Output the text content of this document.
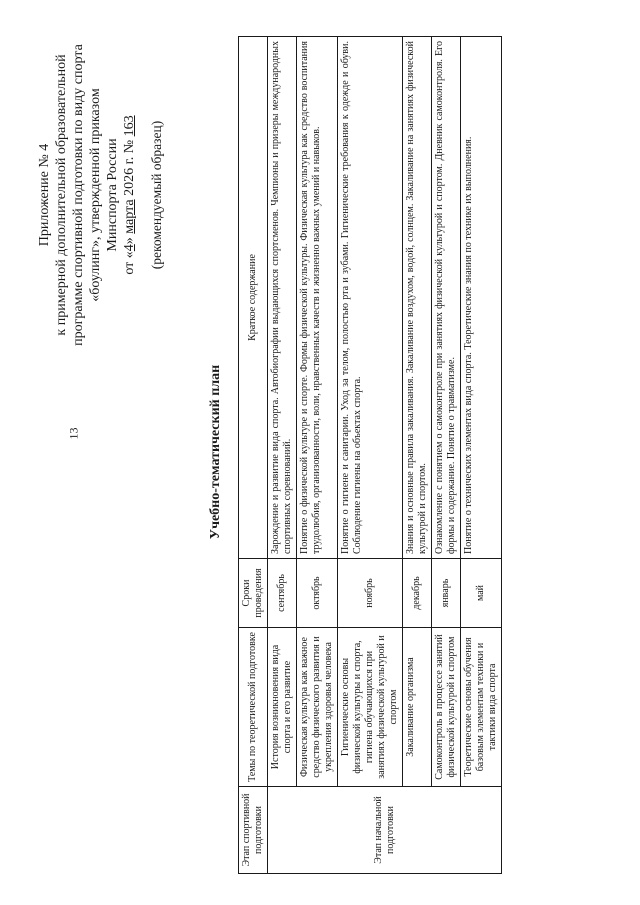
13
Приложение № 4 к примерной дополнительной образовательной программе спортивной подготовки по виду спорта «боулинг», утвержденной приказом Минспорта России
от «4» марта 2026 г. № 163 (рекомендуемый образец)
Учебно-тематический план
Этап спортивной подготовки	Темы по теоретической подготовке	Сроки проведения	Краткое содержание
Этап начальной подготовки	История возникновения вида спорта и его развитие	сентябрь	Зарождение и развитие вида спорта. Автобиографии выдающихся спортсменов. Чемпионы и призеры международных спортивных соревнований.
	Физическая культура как важное средство физического развития и укрепления здоровья человека	октябрь	Понятие о физической культуре и спорте. Формы физической культуры. Физическая культура как средство воспитания трудолюбия, организованности, воли, нравственных качеств и жизненно важных умений и навыков.
	Гигиенические основы физической культуры и спорта, гигиена обучающихся при занятиях физической культурой и спортом	ноябрь	Понятие о гигиене и санитарии. Уход за телом, полостью рта и зубами. Гигиенические требования к одежде и обуви. Соблюдение гигиены на объектах спорта.
	Закаливание организма	декабрь	Знания и основные правила закаливания. Закаливание воздухом, водой, солнцем. Закаливание на занятиях физической культурой и спортом.
	Самоконтроль в процессе занятий физической культурой и спортом	январь	Ознакомление с понятием о самоконтроле при занятиях физической культурой и спортом. Дневник самоконтроля. Его формы и содержание. Понятие о травматизме.
	Теоретические основы обучения базовым элементам техники и тактики вида спорта	май	Понятие о технических элементах вида спорта. Теоретические знания по технике их выполнения.
